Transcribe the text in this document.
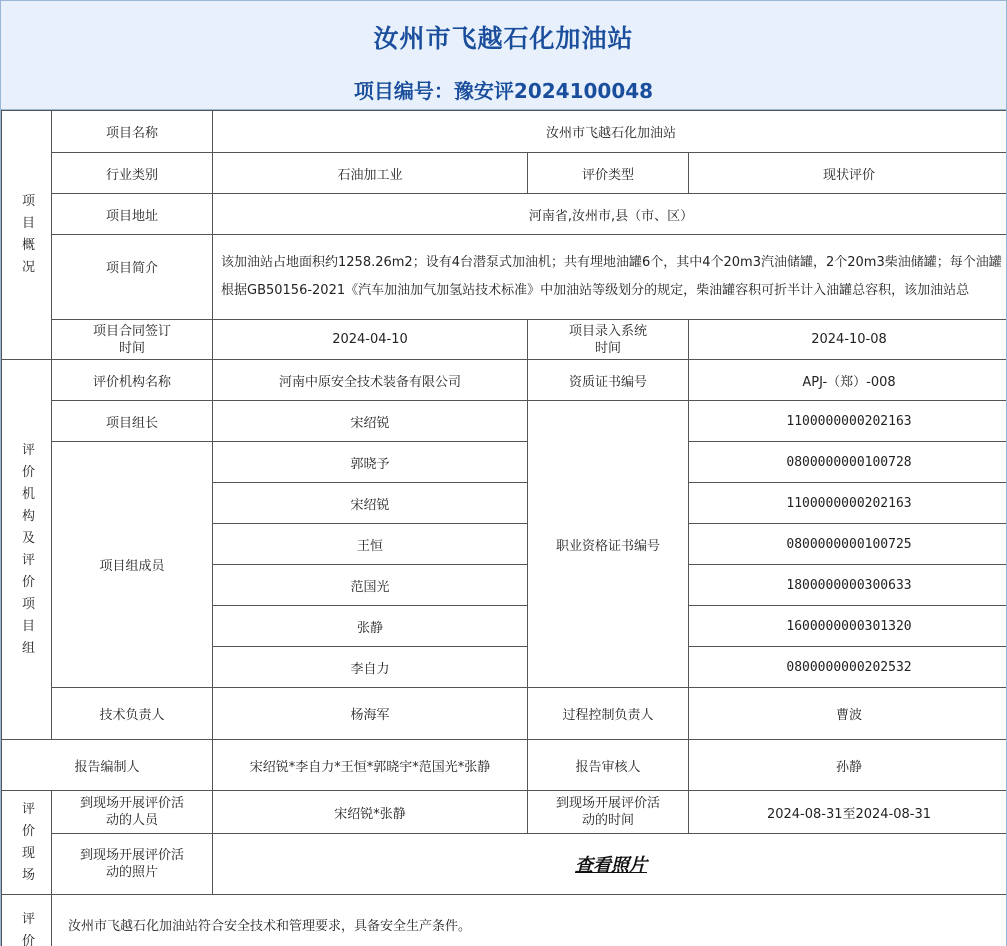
汝州市飞越石化加油站
项目编号：豫安评2024100048
项目概况	项目名称	汝州市飞越石化加油站		
	行业类别	石油加工业	评价类型	现状评价
	项目地址	河南省,汝州市,县（市、区）		
	项目简介	该加油站占地面积约1258.26m2；设有4台潜泵式加油机；共有埋地油罐6个，其中4个20m3汽油储罐，2个20m3柴油储罐；每个油罐
根据GB50156-2021《汽车加油加气加氢站技术标准》中加油站等级划分的规定，柴油罐容积可折半计入油罐总容积，该加油站总		

	项目合同签订时间	2024-04-10	项目录入系统时间	2024-10-08
评价机构及评价项目组	评价机构名称	河南中原安全技术装备有限公司	资质证书编号	APJ-（郑）-008
	项目组长	宋绍锐	职业资格证书编号	1100000000202163
	项目组成员	郭晓予		0800000000100728
		宋绍锐		1100000000202163
		王恒		0800000000100725
		范国光		1800000000300633
		张静		1600000000301320
		李自力		0800000000202532
	技术负责人	杨海军	过程控制负责人	曹波
报告编制人		宋绍锐*李自力*王恒*郭晓宇*范国光*张静	报告审核人	孙静
评价现场	到现场开展评价活动的人员	宋绍锐*张静	到现场开展评价活动的时间	2024-08-31至2024-08-31
	到现场开展评价活动的照片	查看照片		
评价	汝州市飞越石化加油站符合安全技术和管理要求，具备安全生产条件。			
